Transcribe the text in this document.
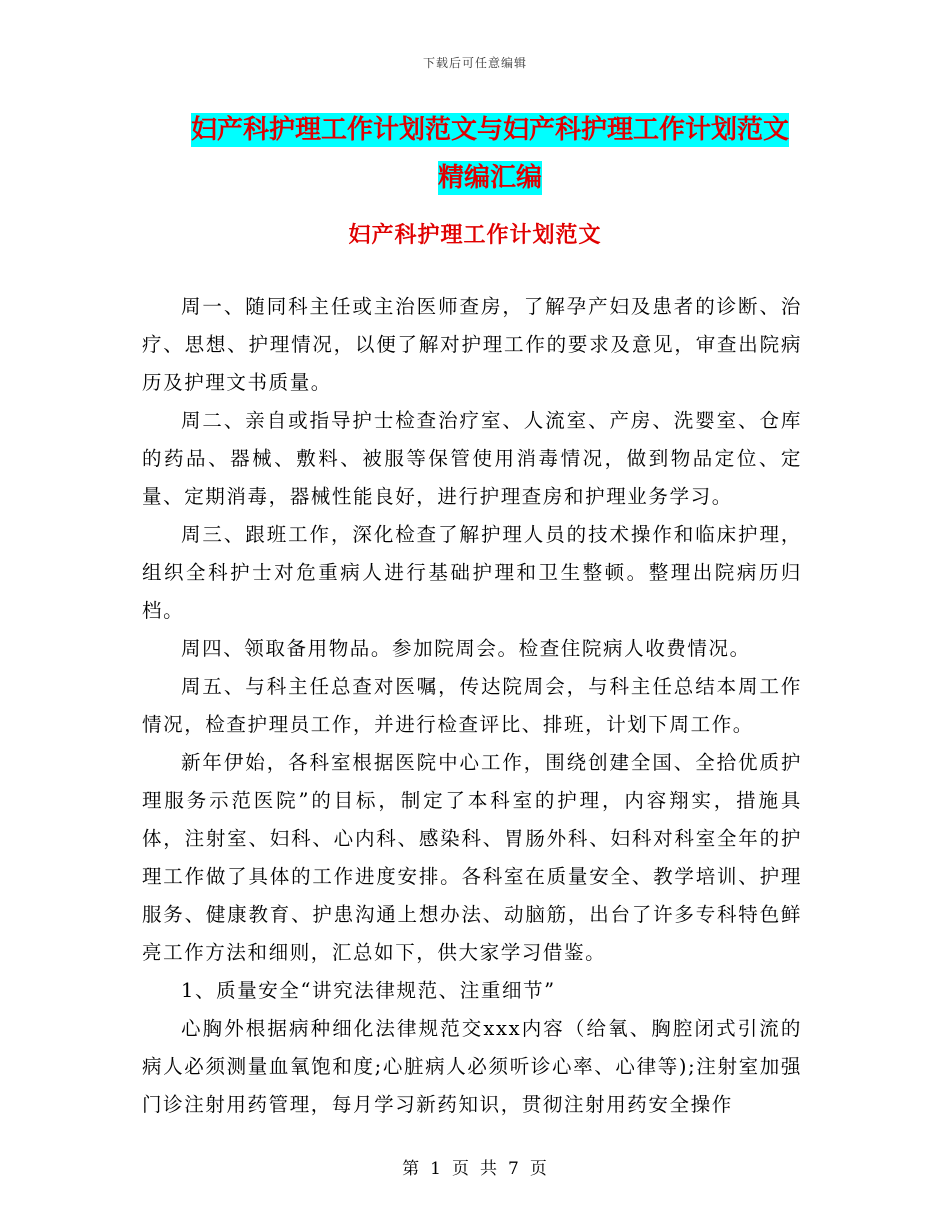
下载后可任意编辑
妇产科护理工作计划范文与妇产科护理工作计划范文
精编汇编
妇产科护理工作计划范文

周一、随同科主任或主治医师查房，了解孕产妇及患者的诊断、治疗、思想、护理情况，以便了解对护理工作的要求及意见，审查出院病历及护理文书质量。

周二、亲自或指导护士检查治疗室、人流室、产房、洗婴室、仓库的药品、器械、敷料、被服等保管使用消毒情况，做到物品定位、定量、定期消毒，器械性能良好，进行护理查房和护理业务学习。

周三、跟班工作，深化检查了解护理人员的技术操作和临床护理，组织全科护士对危重病人进行基础护理和卫生整顿。整理出院病历归档。

周四、领取备用物品。参加院周会。检查住院病人收费情况。

周五、与科主任总查对医嘱，传达院周会，与科主任总结本周工作情况，检查护理员工作，并进行检查评比、排班，计划下周工作。

新年伊始，各科室根据医院中心工作，围绕创建全国、全拾优质护理服务示范医院”的目标，制定了本科室的护理，内容翔实，措施具体，注射室、妇科、心内科、感染科、胃肠外科、妇科对科室全年的护理工作做了具体的工作进度安排。各科室在质量安全、教学培训、护理服务、健康教育、护患沟通上想办法、动脑筋，出台了许多专科特色鲜亮工作方法和细则，汇总如下，供大家学习借鉴。

1、质量安全“讲究法律规范、注重细节”

心胸外根据病种细化法律规范交xxx内容（给氧、胸腔闭式引流的病人必须测量血氧饱和度;心脏病人必须听诊心率、心律等);注射室加强门诊注射用药管理，每月学习新药知识，贯彻注射用药安全操作

第 1 页 共 7 页
